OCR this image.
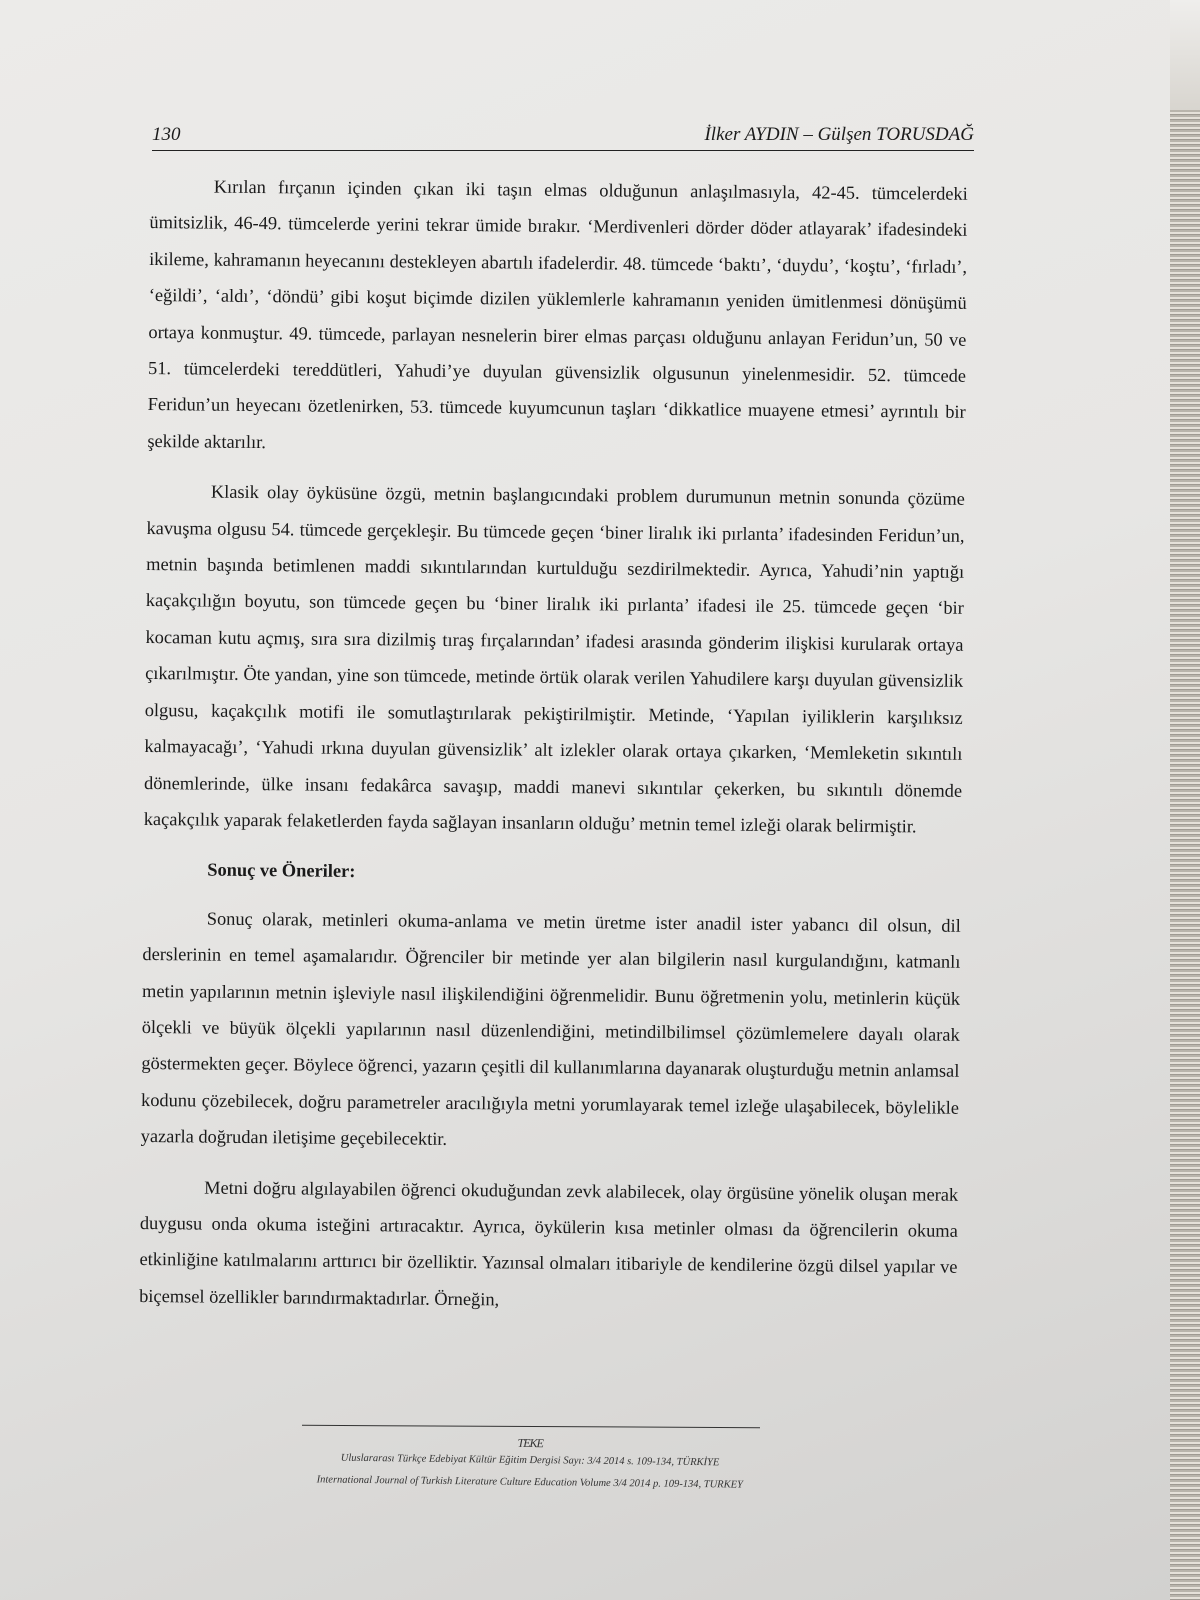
130	İlker AYDIN – Gülşen TORUSDAĞ

Kırılan fırçanın içinden çıkan iki taşın elmas olduğunun anlaşılmasıyla, 42-45. tümcelerdeki ümitsizlik, 46-49. tümcelerde yerini tekrar ümide bırakır. ‘Merdivenleri dörder döder atlayarak’ ifadesindeki ikileme, kahramanın heyecanını destekleyen abartılı ifadelerdir. 48. tümcede ‘baktı’, ‘duydu’, ‘koştu’, ‘fırladı’, ‘eğildi’, ‘aldı’, ‘döndü’ gibi koşut biçimde dizilen yüklemlerle kahramanın yeniden ümitlenmesi dönüşümü ortaya konmuştur. 49. tümcede, parlayan nesnelerin birer elmas parçası olduğunu anlayan Feridun’un, 50 ve 51. tümcelerdeki tereddütleri, Yahudi’ye duyulan güvensizlik olgusunun yinelenmesidir. 52. tümcede Feridun’un heyecanı özetlenirken, 53. tümcede kuyumcunun taşları ‘dikkatlice muayene etmesi’ ayrıntılı bir şekilde aktarılır.

Klasik olay öyküsüne özgü, metnin başlangıcındaki problem durumunun metnin sonunda çözüme kavuşma olgusu 54. tümcede gerçekleşir. Bu tümcede geçen ‘biner liralık iki pırlanta’ ifadesinden Feridun’un, metnin başında betimlenen maddi sıkıntılarından kurtulduğu sezdirilmektedir. Ayrıca, Yahudi’nin yaptığı kaçakçılığın boyutu, son tümcede geçen bu ‘biner liralık iki pırlanta’ ifadesi ile 25. tümcede geçen ‘bir kocaman kutu açmış, sıra sıra dizilmiş tıraş fırçalarından’ ifadesi arasında gönderim ilişkisi kurularak ortaya çıkarılmıştır. Öte yandan, yine son tümcede, metinde örtük olarak verilen Yahudilere karşı duyulan güvensizlik olgusu, kaçakçılık motifi ile somutlaştırılarak pekiştirilmiştir. Metinde, ‘Yapılan iyiliklerin karşılıksız kalmayacağı’, ‘Yahudi ırkına duyulan güvensizlik’ alt izlekler olarak ortaya çıkarken, ‘Memleketin sıkıntılı dönemlerinde, ülke insanı fedakârca savaşıp, maddi manevi sıkıntılar çekerken, bu sıkıntılı dönemde kaçakçılık yaparak felaketlerden fayda sağlayan insanların olduğu’ metnin temel izleği olarak belirmiştir.

Sonuç ve Öneriler:

Sonuç olarak, metinleri okuma-anlama ve metin üretme ister anadil ister yabancı dil olsun, dil derslerinin en temel aşamalarıdır. Öğrenciler bir metinde yer alan bilgilerin nasıl kurgulandığını, katmanlı metin yapılarının metnin işleviyle nasıl ilişkilendiğini öğrenmelidir. Bunu öğretmenin yolu, metinlerin küçük ölçekli ve büyük ölçekli yapılarının nasıl düzenlendiğini, metindilbilimsel çözümlemelere dayalı olarak göstermekten geçer. Böylece öğrenci, yazarın çeşitli dil kullanımlarına dayanarak oluşturduğu metnin anlamsal kodunu çözebilecek, doğru parametreler aracılığıyla metni yorumlayarak temel izleğe ulaşabilecek, böylelikle yazarla doğrudan iletişime geçebilecektir.

Metni doğru algılayabilen öğrenci okuduğundan zevk alabilecek, olay örgüsüne yönelik oluşan merak duygusu onda okuma isteğini artıracaktır. Ayrıca, öykülerin kısa metinler olması da öğrencilerin okuma etkinliğine katılmalarını arttırıcı bir özelliktir. Yazınsal olmaları itibariyle de kendilerine özgü dilsel yapılar ve biçemsel özellikler barındırmaktadırlar. Örneğin,

TEKE
Uluslararası Türkçe Edebiyat Kültür Eğitim Dergisi Sayı: 3/4 2014 s. 109-134, TÜRKİYE
International Journal of Turkish Literature Culture Education Volume 3/4 2014 p. 109-134, TURKEY
